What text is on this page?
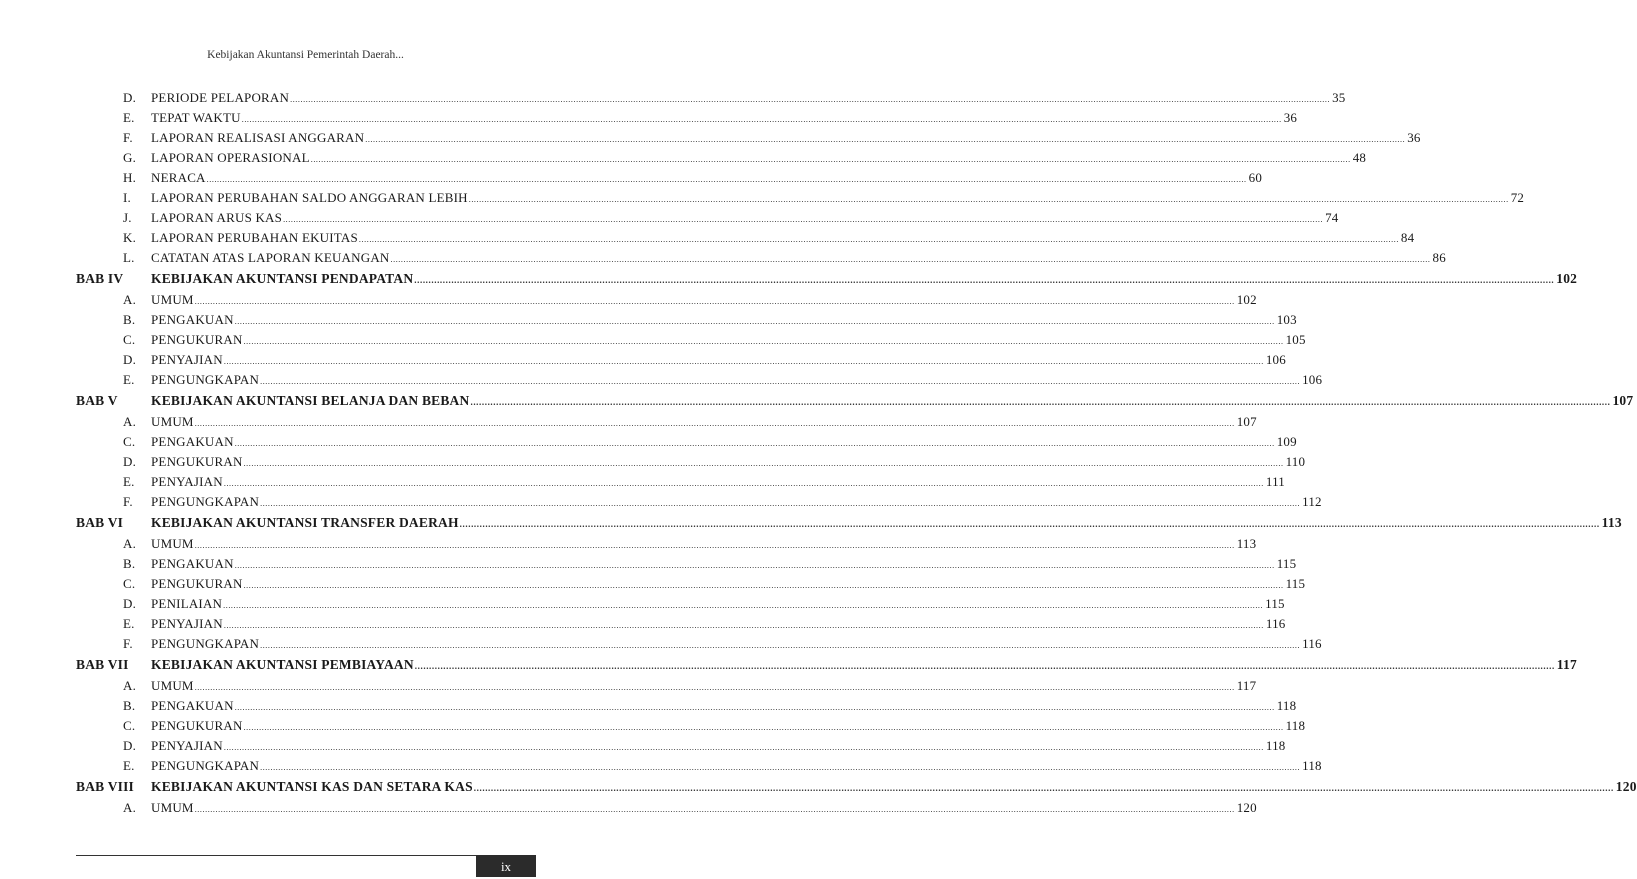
Kebijakan Akuntansi Pemerintah Daerah...
D. PERIODE PELAPORAN ................................................................................................................................................................................................................................................................................................................................................................................................................ 35
E. TEPAT WAKTU ................................................................................................................................................................................................................................................................................................................................................................................................................ 36
F. LAPORAN REALISASI ANGGARAN ................................................................................................................................................................................................................................................................................................................................................................................................................ 36
G. LAPORAN OPERASIONAL ................................................................................................................................................................................................................................................................................................................................................................................................................ 48
H. NERACA ................................................................................................................................................................................................................................................................................................................................................................................................................ 60
I. LAPORAN PERUBAHAN SALDO ANGGARAN LEBIH ................................................................................................................................................................................................................................................................................................................................................................................................................ 72
J. LAPORAN ARUS KAS ................................................................................................................................................................................................................................................................................................................................................................................................................ 74
K. LAPORAN PERUBAHAN EKUITAS ................................................................................................................................................................................................................................................................................................................................................................................................................ 84
L. CATATAN ATAS LAPORAN KEUANGAN ................................................................................................................................................................................................................................................................................................................................................................................................................ 86
BAB IV KEBIJAKAN AKUNTANSI PENDAPATAN ................................................................................................................................................................................................................................................................................................................................................................................................................ 102
A. UMUM ................................................................................................................................................................................................................................................................................................................................................................................................................ 102
B. PENGAKUAN ................................................................................................................................................................................................................................................................................................................................................................................................................ 103
C. PENGUKURAN ................................................................................................................................................................................................................................................................................................................................................................................................................ 105
D. PENYAJIAN ................................................................................................................................................................................................................................................................................................................................................................................................................ 106
E. PENGUNGKAPAN ................................................................................................................................................................................................................................................................................................................................................................................................................ 106
BAB V KEBIJAKAN AKUNTANSI BELANJA DAN BEBAN ................................................................................................................................................................................................................................................................................................................................................................................................................ 107
A. UMUM ................................................................................................................................................................................................................................................................................................................................................................................................................ 107
C. PENGAKUAN ................................................................................................................................................................................................................................................................................................................................................................................................................ 109
D. PENGUKURAN ................................................................................................................................................................................................................................................................................................................................................................................................................ 110
E. PENYAJIAN ................................................................................................................................................................................................................................................................................................................................................................................................................ 111
F. PENGUNGKAPAN ................................................................................................................................................................................................................................................................................................................................................................................................................ 112
BAB VI KEBIJAKAN AKUNTANSI TRANSFER DAERAH ................................................................................................................................................................................................................................................................................................................................................................................................................ 113
A. UMUM ................................................................................................................................................................................................................................................................................................................................................................................................................ 113
B. PENGAKUAN ................................................................................................................................................................................................................................................................................................................................................................................................................ 115
C. PENGUKURAN ................................................................................................................................................................................................................................................................................................................................................................................................................ 115
D. PENILAIAN ................................................................................................................................................................................................................................................................................................................................................................................................................ 115
E. PENYAJIAN ................................................................................................................................................................................................................................................................................................................................................................................................................ 116
F. PENGUNGKAPAN ................................................................................................................................................................................................................................................................................................................................................................................................................ 116
BAB VII KEBIJAKAN AKUNTANSI PEMBIAYAAN ................................................................................................................................................................................................................................................................................................................................................................................................................ 117
A. UMUM ................................................................................................................................................................................................................................................................................................................................................................................................................ 117
B. PENGAKUAN ................................................................................................................................................................................................................................................................................................................................................................................................................ 118
C. PENGUKURAN ................................................................................................................................................................................................................................................................................................................................................................................................................ 118
D. PENYAJIAN ................................................................................................................................................................................................................................................................................................................................................................................................................ 118
E. PENGUNGKAPAN ................................................................................................................................................................................................................................................................................................................................................................................................................ 118
BAB VIII KEBIJAKAN AKUNTANSI KAS DAN SETARA KAS ................................................................................................................................................................................................................................................................................................................................................................................................................ 120
A. UMUM ................................................................................................................................................................................................................................................................................................................................................................................................................ 120
ix
